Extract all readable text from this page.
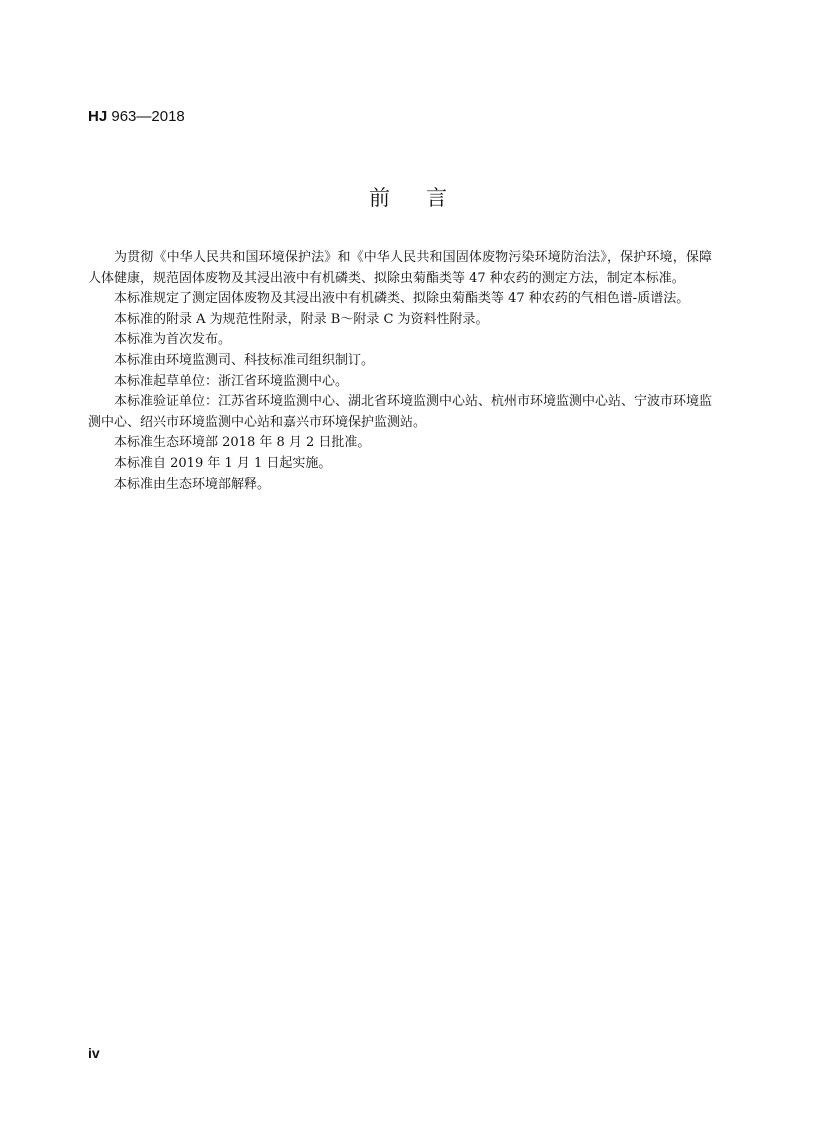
HJ 963—2018
前言

为贯彻《中华人民共和国环境保护法》和《中华人民共和国固体废物污染环境防治法》，保护环境，保障人体健康，规范固体废物及其浸出液中有机磷类、拟除虫菊酯类等 47 种农药的测定方法，制定本标准。

本标准规定了测定固体废物及其浸出液中有机磷类、拟除虫菊酯类等 47 种农药的气相色谱-质谱法。

本标准的附录 A 为规范性附录，附录 B～附录 C 为资料性附录。

本标准为首次发布。

本标准由环境监测司、科技标准司组织制订。

本标准起草单位：浙江省环境监测中心。

本标准验证单位：江苏省环境监测中心、湖北省环境监测中心站、杭州市环境监测中心站、宁波市环境监测中心、绍兴市环境监测中心站和嘉兴市环境保护监测站。

本标准生态环境部 2018 年 8 月 2 日批准。

本标准自 2019 年 1 月 1 日起实施。

本标准由生态环境部解释。

iv
